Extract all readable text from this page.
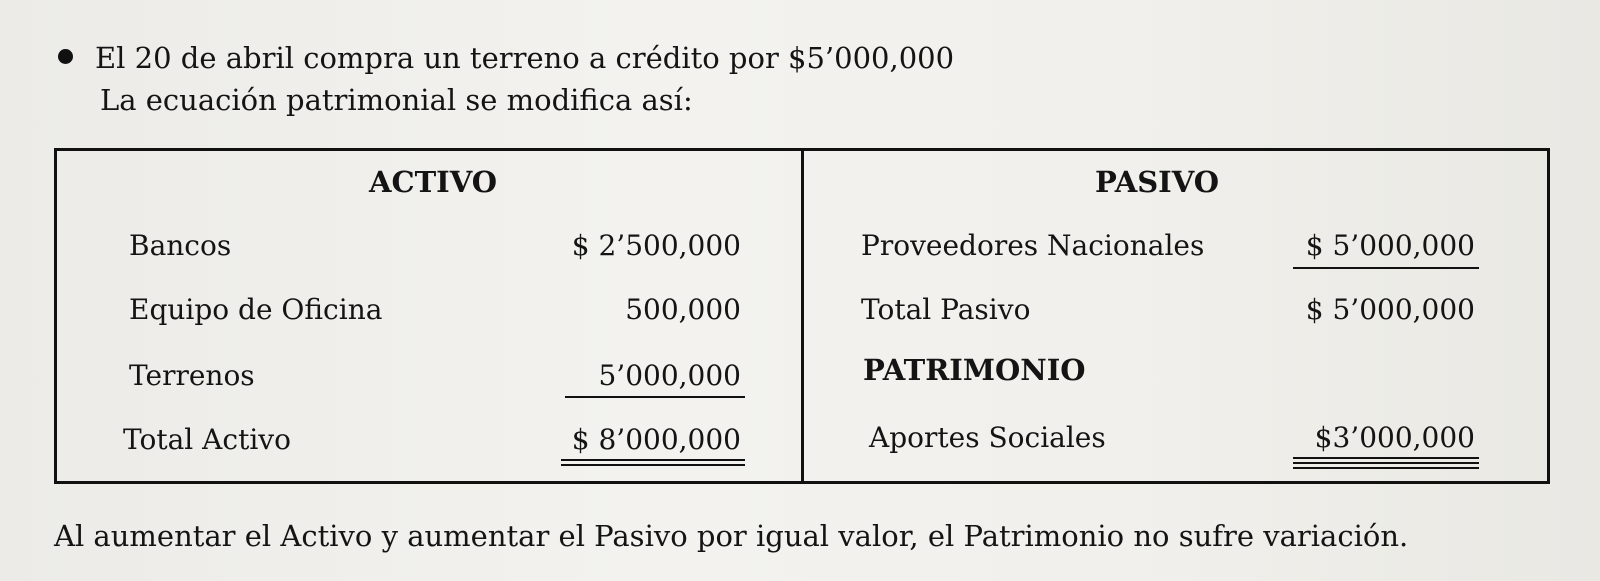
El 20 de abril compra un terreno a crédito por $5’000,000
La ecuación patrimonial se modifica así:
ACTIVO
Bancos	$ 2’500,000
Equipo de Oficina	500,000
Terrenos	5’000,000
Total Activo	$ 8’000,000
PASIVO
Proveedores Nacionales	$ 5’000,000
Total Pasivo	$ 5’000,000
PATRIMONIO
Aportes Sociales	$3’000,000
Al aumentar el Activo y aumentar el Pasivo por igual valor, el Patrimonio no sufre variación.
